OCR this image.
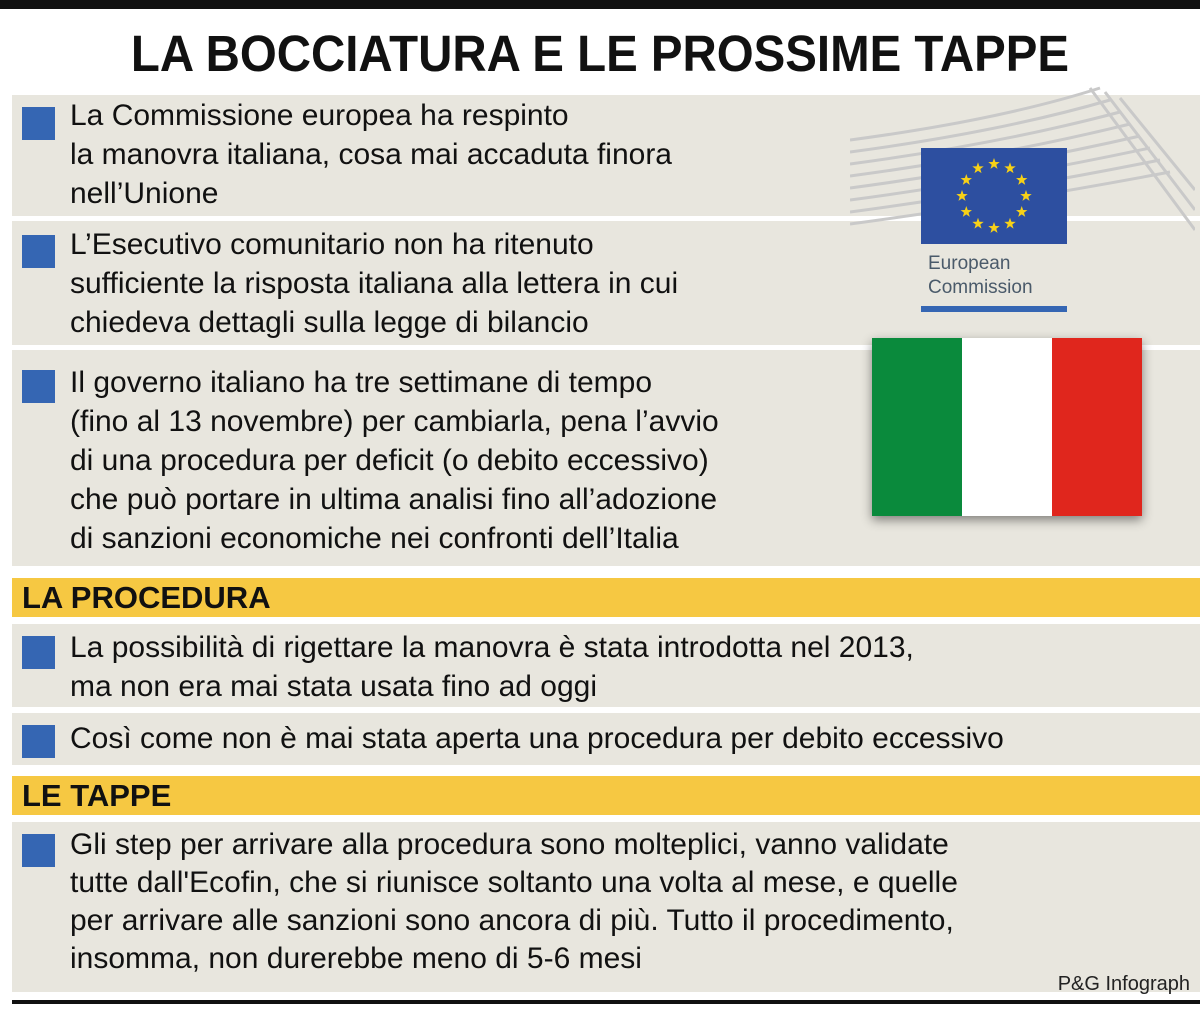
LA BOCCIATURA E LE PROSSIME TAPPE
La Commissione europea ha respinto
la manovra italiana, cosa mai accaduta finora
nell’Unione
L’Esecutivo comunitario non ha ritenuto
sufficiente la risposta italiana alla lettera in cui
chiedeva dettagli sulla legge di bilancio
Il governo italiano ha tre settimane di tempo
(fino al 13 novembre) per cambiarla, pena l’avvio
di una procedura per deficit (o debito eccessivo)
che può portare in ultima analisi fino all’adozione
di sanzioni economiche nei confronti dell’Italia
European
Commission
LA PROCEDURA
La possibilità di rigettare la manovra è stata introdotta nel 2013,
ma non era mai stata usata fino ad oggi
Così come non è mai stata aperta una procedura per debito eccessivo
LE TAPPE
Gli step per arrivare alla procedura sono molteplici, vanno validate
tutte dall'Ecofin, che si riunisce soltanto una volta al mese, e quelle
per arrivare alle sanzioni sono ancora di più. Tutto il procedimento,
insomma, non durerebbe meno di 5-6 mesi
P&G Infograph
